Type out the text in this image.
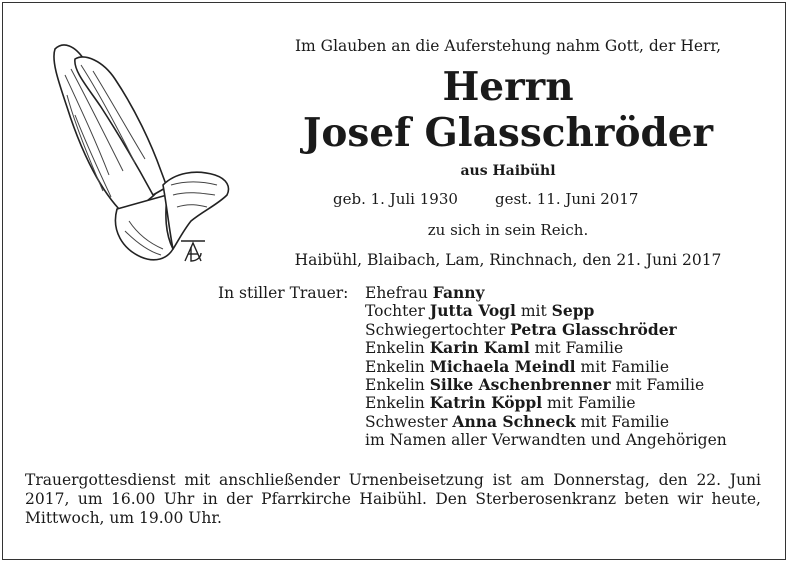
Im Glauben an die Auferstehung nahm Gott, der Herr,
Herrn
Josef Glasschröder
aus Haibühl
geb. 1. Juli 1930 gest. 11. Juni 2017
zu sich in sein Reich.
Haibühl, Blaibach, Lam, Rinchnach, den 21. Juni 2017
In stiller Trauer: Ehefrau Fanny
Tochter Jutta Vogl mit Sepp
Schwiegertochter Petra Glasschröder
Enkelin Karin Kaml mit Familie
Enkelin Michaela Meindl mit Familie
Enkelin Silke Aschenbrenner mit Familie
Enkelin Katrin Köppl mit Familie
Schwester Anna Schneck mit Familie
im Namen aller Verwandten und Angehörigen
Trauergottesdienst mit anschließender Urnenbeisetzung ist am Donnerstag, den 22. Juni 2017, um 16.00 Uhr in der Pfarrkirche Haibühl. Den Sterberosenkranz beten wir heute, Mittwoch, um 19.00 Uhr.
